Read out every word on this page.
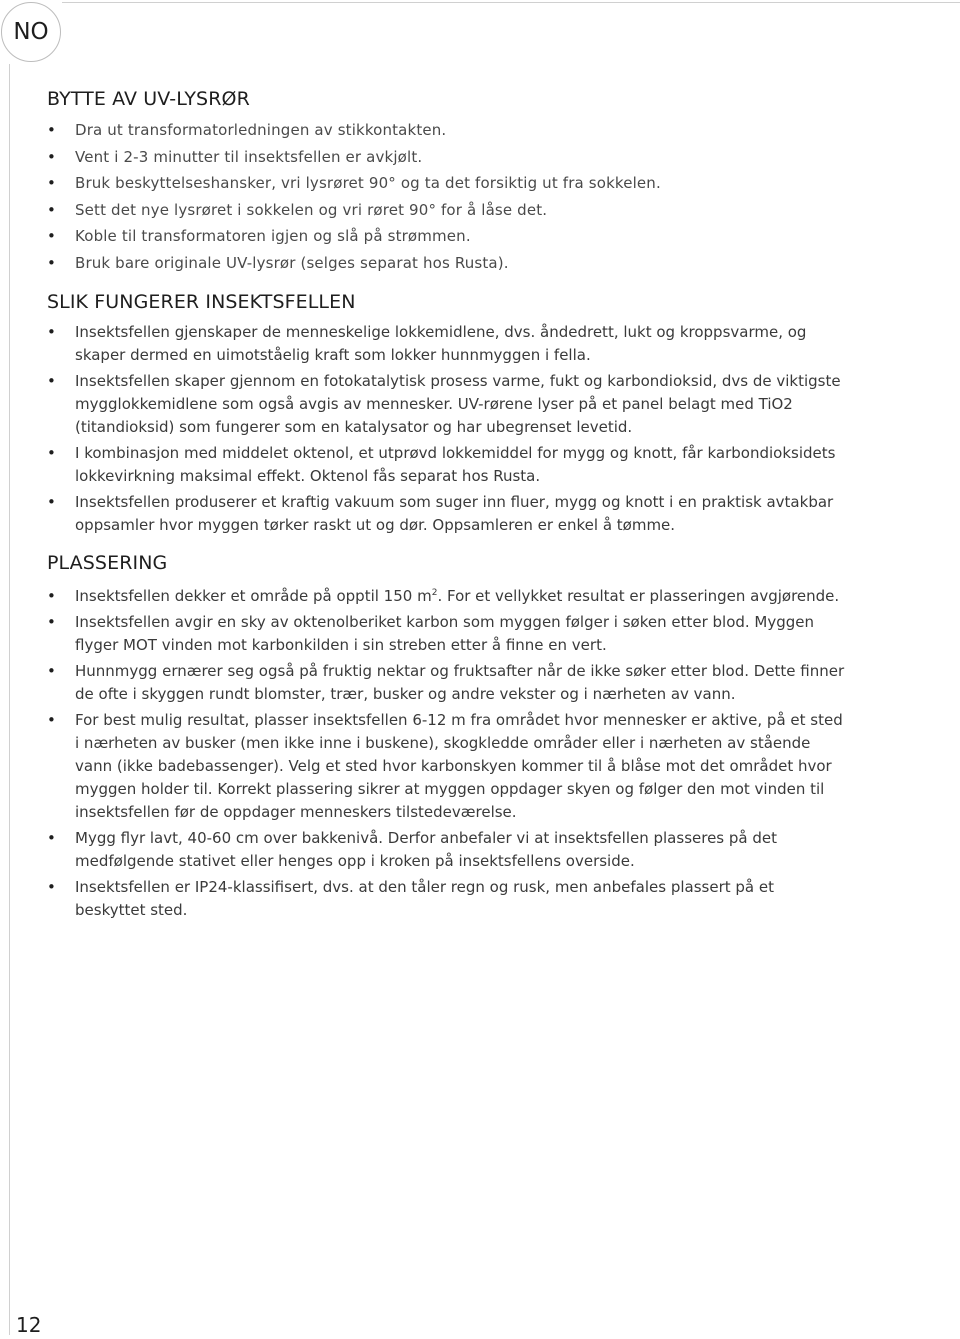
NO
BYTTE AV UV-LYSRØR
• Dra ut transformatorledningen av stikkontakten.
• Vent i 2-3 minutter til insektsfellen er avkjølt.
• Bruk beskyttelseshansker, vri lysrøret 90° og ta det forsiktig ut fra sokkelen.
• Sett det nye lysrøret i sokkelen og vri røret 90° for å låse det.
• Koble til transformatoren igjen og slå på strømmen.
• Bruk bare originale UV-lysrør (selges separat hos Rusta).
SLIK FUNGERER INSEKTSFELLEN
• Insektsfellen gjenskaper de menneskelige lokkemidlene, dvs. åndedrett, lukt og kroppsvarme, og skaper dermed en uimotståelig kraft som lokker hunnmyggen i fella.
• Insektsfellen skaper gjennom en fotokatalytisk prosess varme, fukt og karbondioksid, dvs de viktigste mygglokkemidlene som også avgis av mennesker. UV-rørene lyser på et panel belagt med TiO2 (titandioksid) som fungerer som en katalysator og har ubegrenset levetid.
• I kombinasjon med middelet oktenol, et utprøvd lokkemiddel for mygg og knott, får karbondioksidets lokkevirkning maksimal effekt. Oktenol fås separat hos Rusta.
• Insektsfellen produserer et kraftig vakuum som suger inn fluer, mygg og knott i en praktisk avtakbar oppsamler hvor myggen tørker raskt ut og dør. Oppsamleren er enkel å tømme.
PLASSERING
• Insektsfellen dekker et område på opptil 150 $m^2$. For et vellykket resultat er plasseringen avgjørende.
• Insektsfellen avgir en sky av oktenolberiket karbon som myggen følger i søken etter blod. Myggen flyger MOT vinden mot karbonkilden i sin streben etter å finne en vert.
• Hunnmygg ernærer seg også på fruktig nektar og fruktsafter når de ikke søker etter blod. Dette finner de ofte i skyggen rundt blomster, trær, busker og andre vekster og i nærheten av vann.
• For best mulig resultat, plasser insektsfellen 6-12 m fra området hvor mennesker er aktive, på et sted i nærheten av busker (men ikke inne i buskene), skogkledde områder eller i nærheten av stående vann (ikke badebassenger). Velg et sted hvor karbonskyen kommer til å blåse mot det området hvor myggen holder til. Korrekt plassering sikrer at myggen oppdager skyen og følger den mot vinden til insektsfellen før de oppdager menneskers tilstedeværelse.
• Mygg flyr lavt, 40-60 cm over bakkenivå. Derfor anbefaler vi at insektsfellen plasseres på det medfølgende stativet eller henges opp i kroken på insektsfellens overside.
• Insektsfellen er IP24-klassifisert, dvs. at den tåler regn og rusk, men anbefales plassert på et beskyttet sted.
12
